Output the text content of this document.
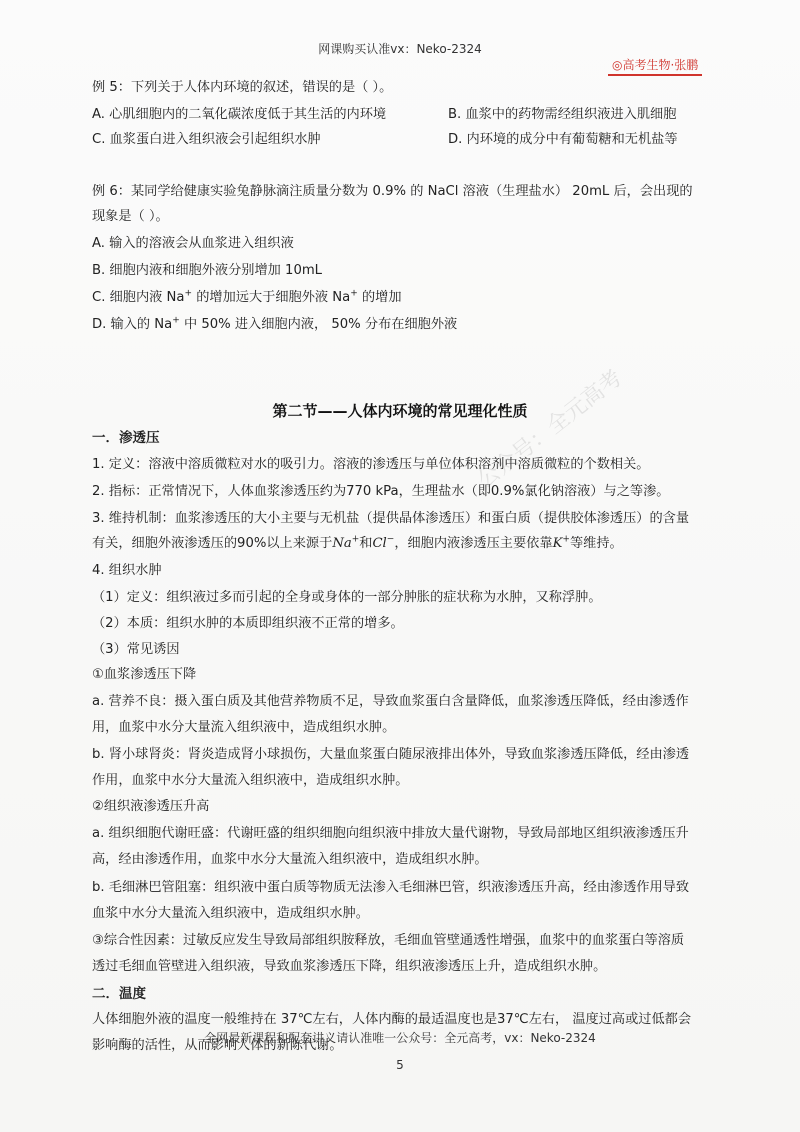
网课购买认准vx：Neko-2324
◎高考生物·张鹏
例 5：下列关于人体内环境的叙述，错误的是（ ）。
A. 心肌细胞内的二氧化碳浓度低于其生活的内环境	B. 血浆中的药物需经组织液进入肌细胞
C. 血浆蛋白进入组织液会引起组织水肿	D. 内环境的成分中有葡萄糖和无机盐等
例 6：某同学给健康实验兔静脉滴注质量分数为 0.9% 的 NaCl 溶液（生理盐水） 20mL 后，会出现的
现象是（ ）。
A. 输入的溶液会从血浆进入组织液
B. 细胞内液和细胞外液分别增加 10mL
C. 细胞内液 Na+ 的增加远大于细胞外液 Na+ 的增加
D. 输入的 Na+ 中 50% 进入细胞内液， 50% 分布在细胞外液
第二节——人体内环境的常见理化性质
一．渗透压
1. 定义：溶液中溶质微粒对水的吸引力。溶液的渗透压与单位体积溶剂中溶质微粒的个数相关。
2. 指标：正常情况下，人体血浆渗透压约为770 kPa，生理盐水（即0.9%氯化钠溶液）与之等渗。
3. 维持机制：血浆渗透压的大小主要与无机盐（提供晶体渗透压）和蛋白质（提供胶体渗透压）的含量
有关，细胞外液渗透压的90%以上来源于Na+和Cl−，细胞内液渗透压主要依靠K+等维持。
4. 组织水肿
（1）定义：组织液过多而引起的全身或身体的一部分肿胀的症状称为水肿，又称浮肿。
（2）本质：组织水肿的本质即组织液不正常的增多。
（3）常见诱因
①血浆渗透压下降
a. 营养不良：摄入蛋白质及其他营养物质不足，导致血浆蛋白含量降低，血浆渗透压降低，经由渗透作
用，血浆中水分大量流入组织液中，造成组织水肿。
b. 肾小球肾炎：肾炎造成肾小球损伤，大量血浆蛋白随尿液排出体外，导致血浆渗透压降低，经由渗透
作用，血浆中水分大量流入组织液中，造成组织水肿。
②组织液渗透压升高
a. 组织细胞代谢旺盛：代谢旺盛的组织细胞向组织液中排放大量代谢物，导致局部地区组织液渗透压升
高，经由渗透作用，血浆中水分大量流入组织液中，造成组织水肿。
b. 毛细淋巴管阻塞：组织液中蛋白质等物质无法渗入毛细淋巴管，织液渗透压升高，经由渗透作用导致
血浆中水分大量流入组织液中，造成组织水肿。
③综合性因素：过敏反应发生导致局部组织胺释放，毛细血管壁通透性增强，血浆中的血浆蛋白等溶质
透过毛细血管壁进入组织液，导致血浆渗透压下降，组织液渗透压上升，造成组织水肿。
二．温度
人体细胞外液的温度一般维持在 37℃左右，人体内酶的最适温度也是37℃左右， 温度过高或过低都会
影响酶的活性，从而影响人体的新陈代谢。
全网最新课程和配套讲义请认准唯一公众号：全元高考，vx：Neko-2324
5
公众号：全元高考
